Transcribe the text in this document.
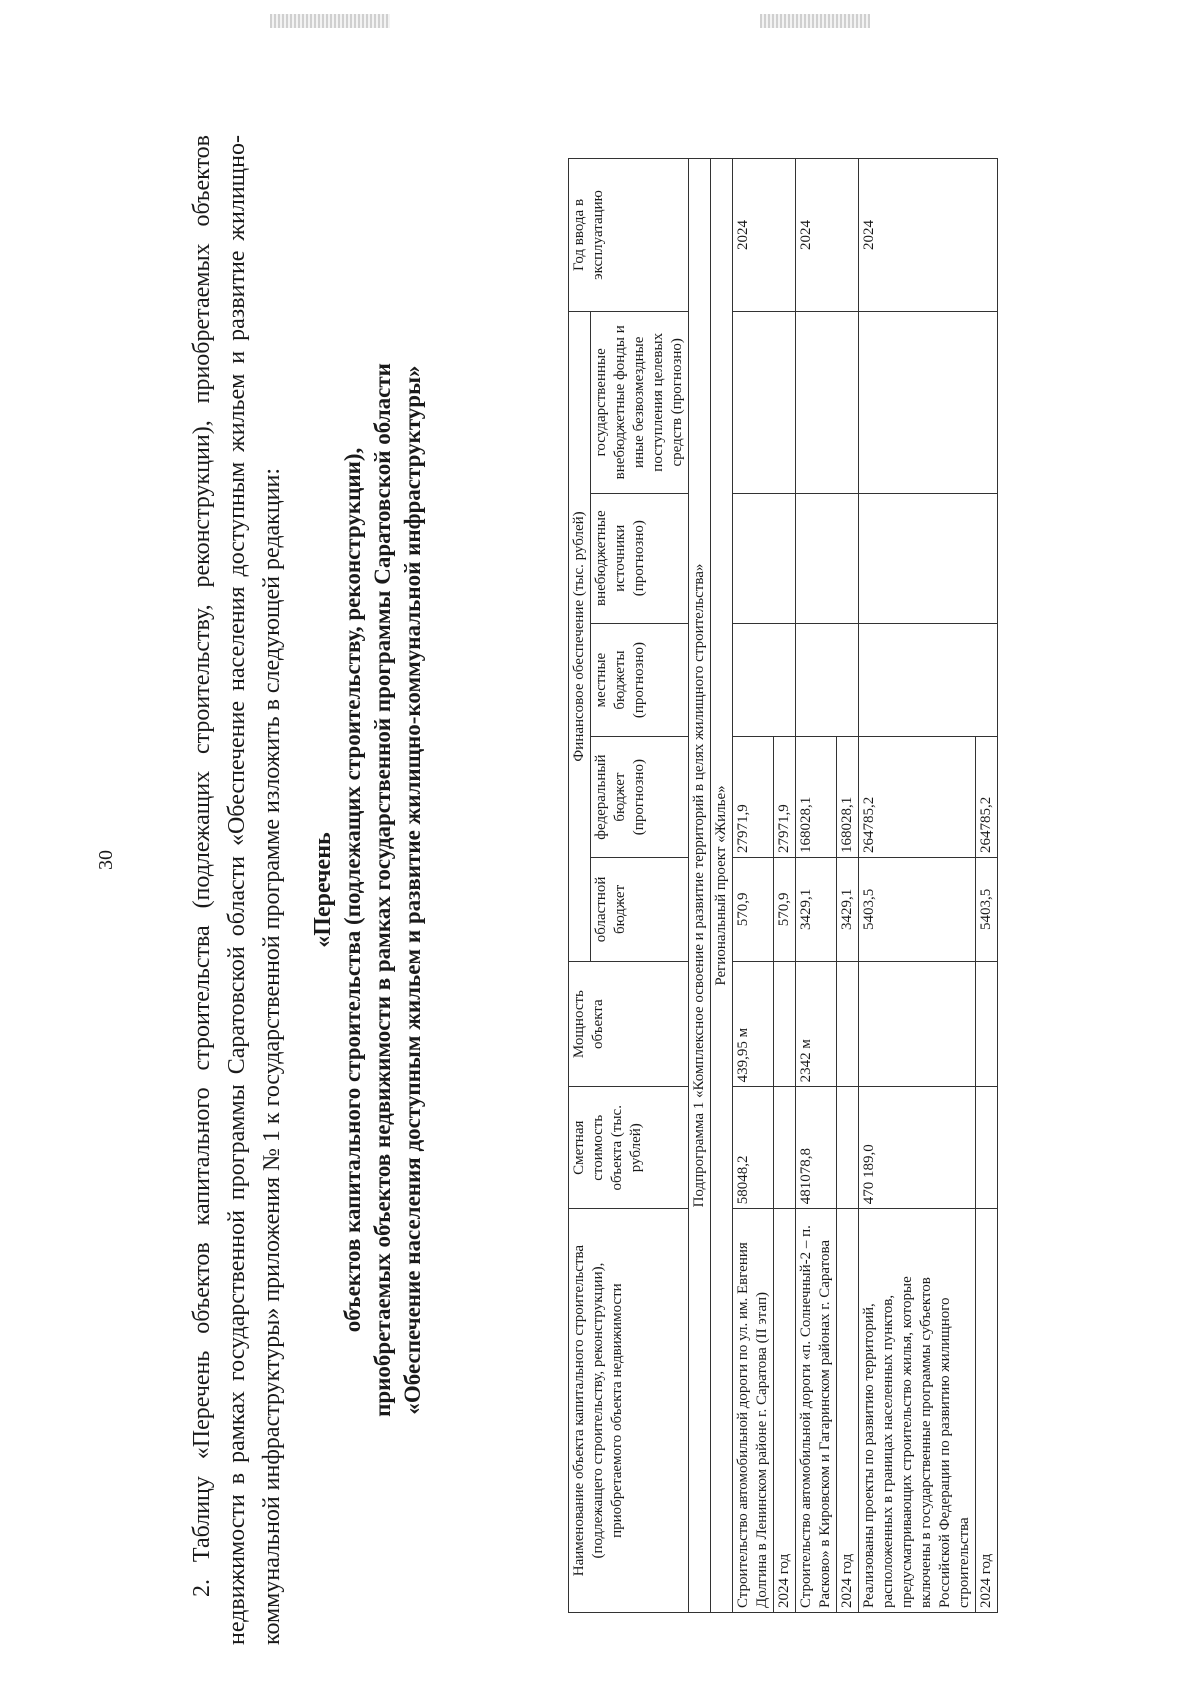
30	2. Таблицу «Перечень объектов капитального строительства (подлежащих строительству, реконструкции), приобретаемых объектов недвижимости в рамках государственной программы Саратовской области «Обеспечение населения доступным жильем и развитие жилищно-коммунальной инфраструктуры» приложения № 1 к государственной программе изложить в следующей редакции: «Перечень объектов капитального строительства (подлежащих строительству, реконструкции), приобретаемых объектов недвижимости в рамках государственной программы Саратовской области «Обеспечение населения доступным жильем и развитие жилищно-коммунальной инфраструктуры»	Наименование объекта капитального строительства (подлежащего строительству, реконструкции), приобретаемого объекта недвижимости	Сметная стоимость объекта (тыс. рублей)	Мощность объекта	Финансовое обеспечение (тыс. рублей)					Год ввода в эксплуатацию
			областной бюджет	федеральный бюджет (прогнозно)	местные бюджеты (прогнозно)	внебюджетные источники (прогнозно)	государственные внебюджетные фонды и иные безвозмездные поступления целевых средств (прогнозно)	
Подпрограмма 1 «Комплексное освоение и развитие территорий в целях жилищного строительства»								
Региональный проект «Жилье»								
Строительство автомобильной дороги по ул. им. Евгения Долгина в Ленинском районе г. Саратова (II этап)	58048,2	439,95 м	570,9	27971,9				2024
2024 год			570,9	27971,9				
Строительство автомобильной дороги «п. Солнечный-2 – п. Расково» в Кировском и Гагаринском районах г. Саратова	481078,8	2342 м	3429,1	168028,1				2024
2024 год			3429,1	168028,1				
Реализованы проекты по развитию территорий, расположенных в границах населенных пунктов, предусматривающих строительство жилья, которые включены в государственные программы субъектов Российской Федерации по развитию жилищного строительства	470 189,0		5403,5	264785,2				2024
2024 год			5403,5	264785,2				
